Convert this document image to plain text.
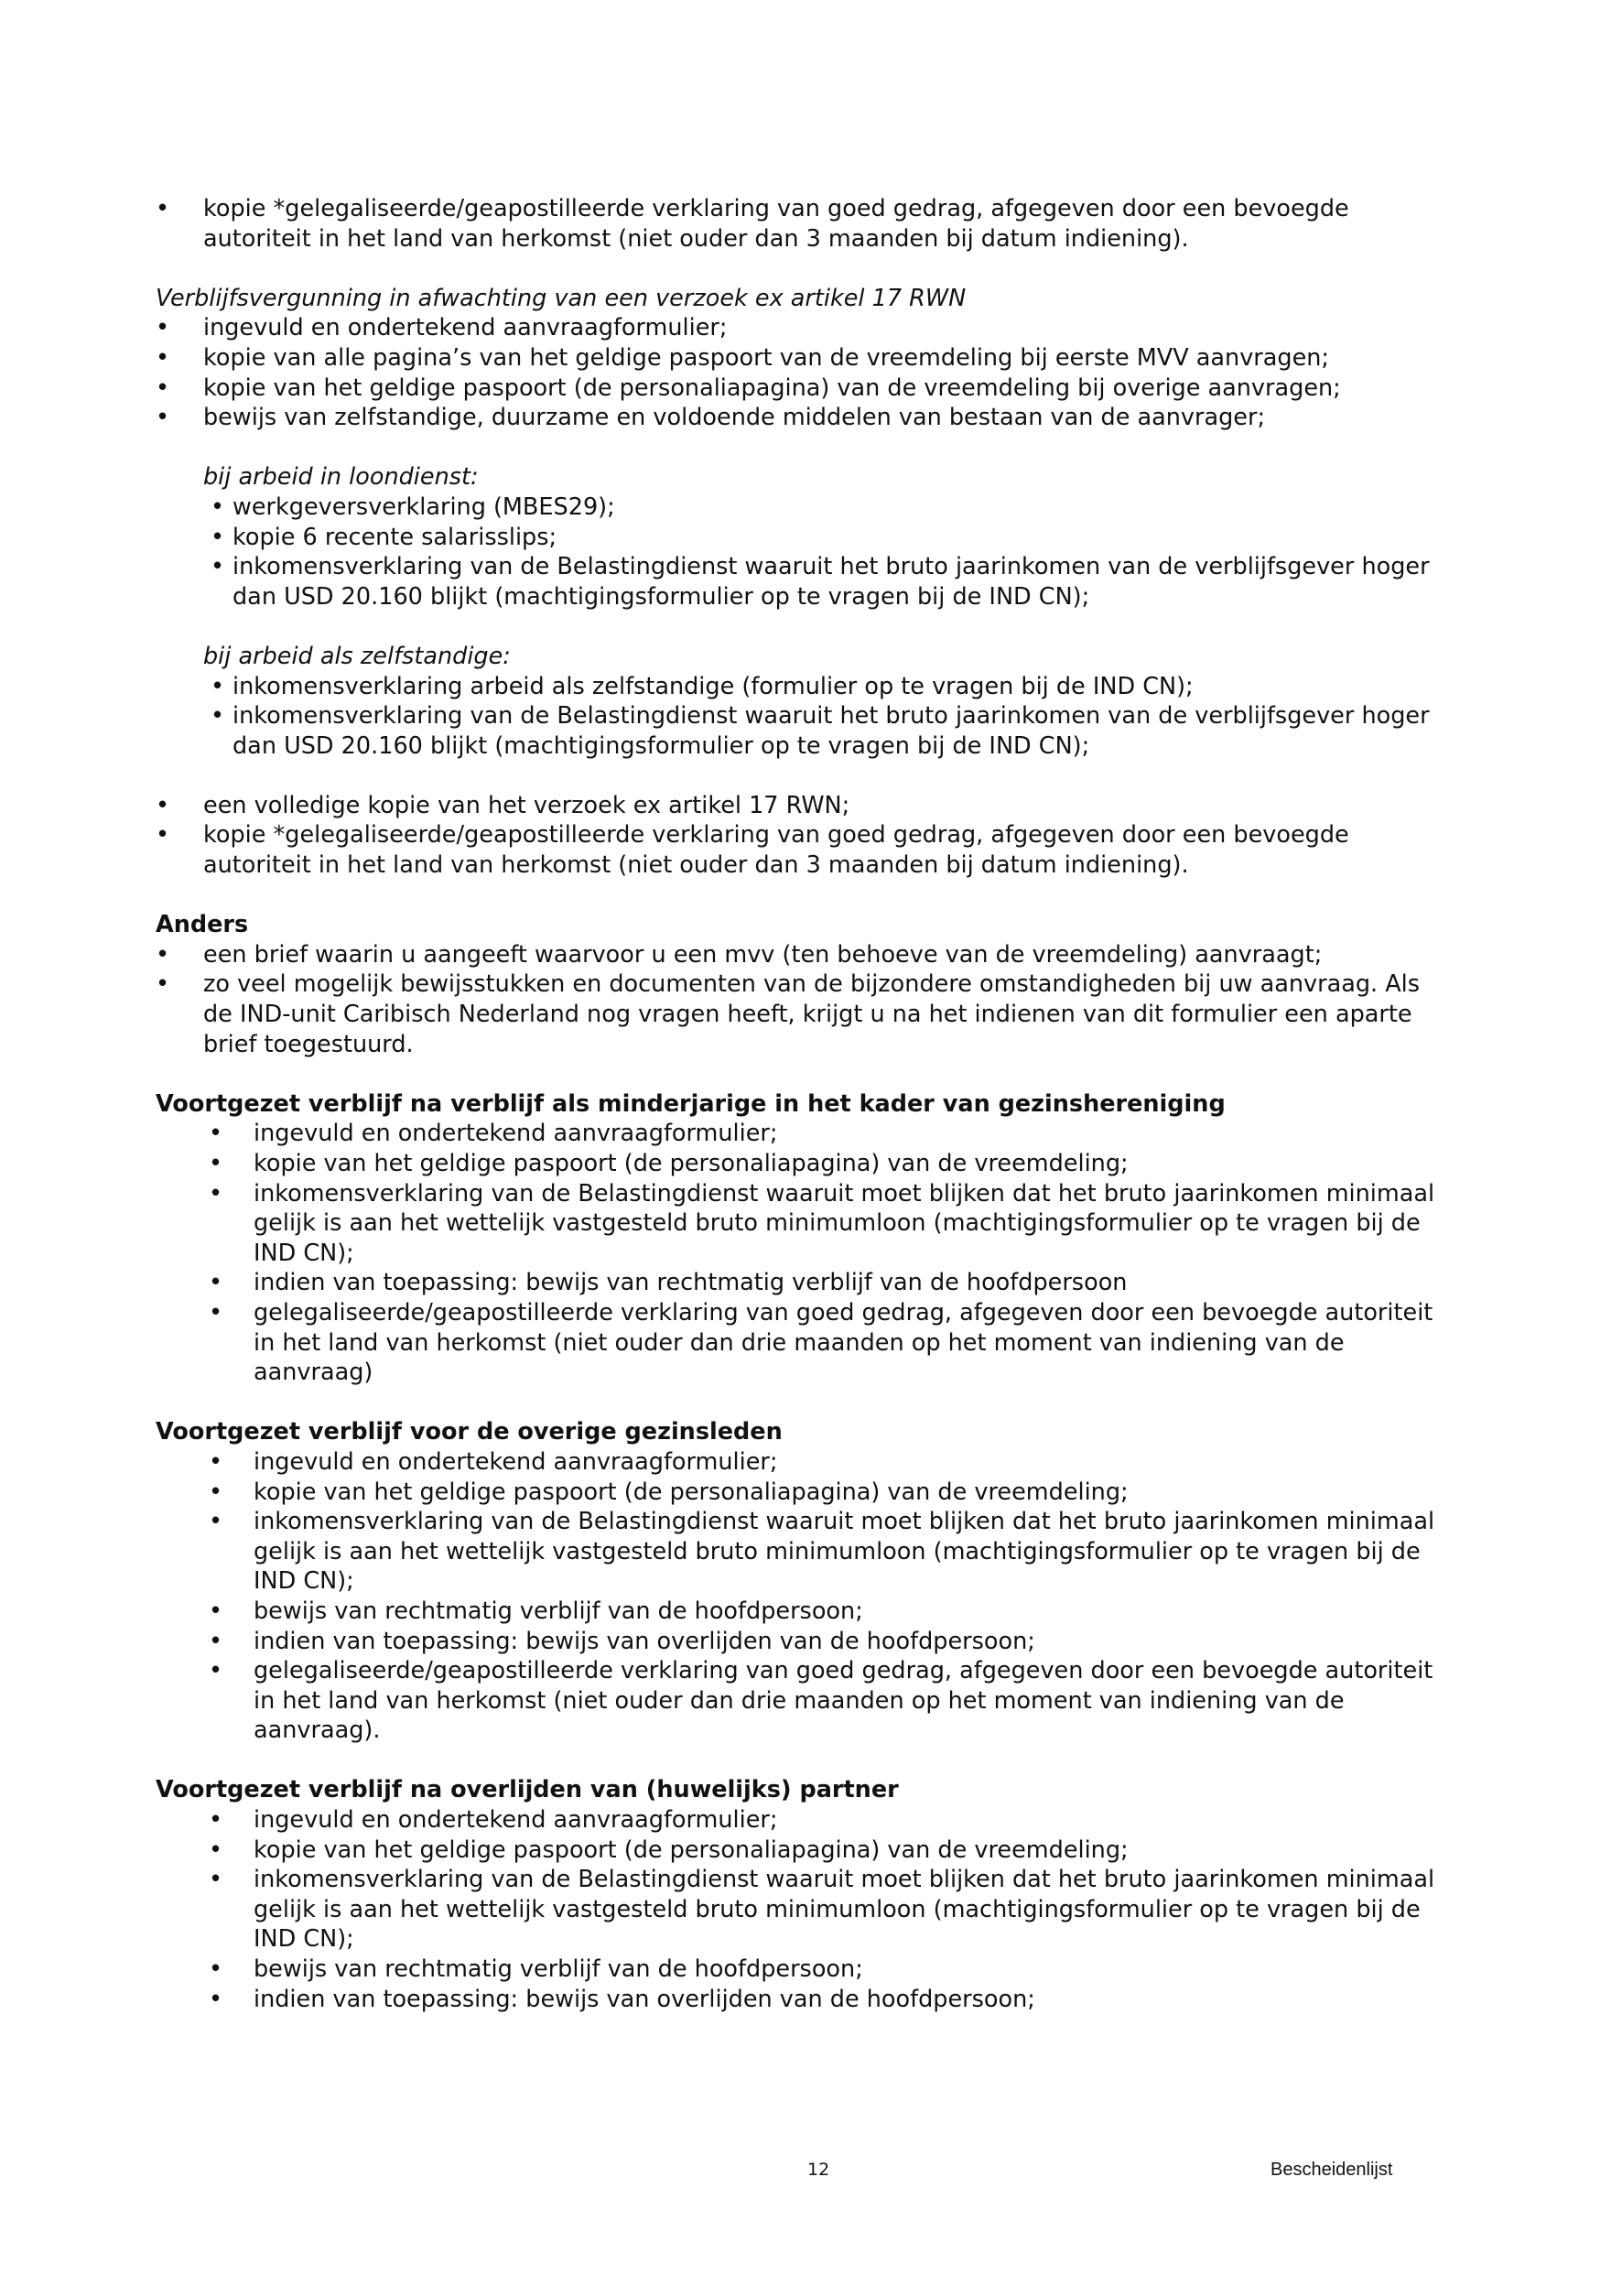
• kopie *gelegaliseerde/geapostilleerde verklaring van goed gedrag, afgegeven door een bevoegde autoriteit in het land van herkomst (niet ouder dan 3 maanden bij datum indiening).
Verblijfsvergunning in afwachting van een verzoek ex artikel 17 RWN
• ingevuld en ondertekend aanvraagformulier;
• kopie van alle pagina’s van het geldige paspoort van de vreemdeling bij eerste MVV aanvragen;
• kopie van het geldige paspoort (de personaliapagina) van de vreemdeling bij overige aanvragen;
• bewijs van zelfstandige, duurzame en voldoende middelen van bestaan van de aanvrager;
bij arbeid in loondienst:
• werkgeversverklaring (MBES29);
• kopie 6 recente salarisslips;
• inkomensverklaring van de Belastingdienst waaruit het bruto jaarinkomen van de verblijfsgever hoger dan USD 20.160 blijkt (machtigingsformulier op te vragen bij de IND CN);
bij arbeid als zelfstandige:
• inkomensverklaring arbeid als zelfstandige (formulier op te vragen bij de IND CN);
• inkomensverklaring van de Belastingdienst waaruit het bruto jaarinkomen van de verblijfsgever hoger dan USD 20.160 blijkt (machtigingsformulier op te vragen bij de IND CN);
• een volledige kopie van het verzoek ex artikel 17 RWN;
• kopie *gelegaliseerde/geapostilleerde verklaring van goed gedrag, afgegeven door een bevoegde autoriteit in het land van herkomst (niet ouder dan 3 maanden bij datum indiening).
Anders
• een brief waarin u aangeeft waarvoor u een mvv (ten behoeve van de vreemdeling) aanvraagt;
• zo veel mogelijk bewijsstukken en documenten van de bijzondere omstandigheden bij uw aanvraag. Als de IND-unit Caribisch Nederland nog vragen heeft, krijgt u na het indienen van dit formulier een aparte brief toegestuurd.
Voortgezet verblijf na verblijf als minderjarige in het kader van gezinshereniging
• ingevuld en ondertekend aanvraagformulier;
• kopie van het geldige paspoort (de personaliapagina) van de vreemdeling;
• inkomensverklaring van de Belastingdienst waaruit moet blijken dat het bruto jaarinkomen minimaal gelijk is aan het wettelijk vastgesteld bruto minimumloon (machtigingsformulier op te vragen bij de IND CN);
• indien van toepassing: bewijs van rechtmatig verblijf van de hoofdpersoon
• gelegaliseerde/geapostilleerde verklaring van goed gedrag, afgegeven door een bevoegde autoriteit in het land van herkomst (niet ouder dan drie maanden op het moment van indiening van de aanvraag)
Voortgezet verblijf voor de overige gezinsleden
• ingevuld en ondertekend aanvraagformulier;
• kopie van het geldige paspoort (de personaliapagina) van de vreemdeling;
• inkomensverklaring van de Belastingdienst waaruit moet blijken dat het bruto jaarinkomen minimaal gelijk is aan het wettelijk vastgesteld bruto minimumloon (machtigingsformulier op te vragen bij de IND CN);
• bewijs van rechtmatig verblijf van de hoofdpersoon;
• indien van toepassing: bewijs van overlijden van de hoofdpersoon;
• gelegaliseerde/geapostilleerde verklaring van goed gedrag, afgegeven door een bevoegde autoriteit in het land van herkomst (niet ouder dan drie maanden op het moment van indiening van de aanvraag).
Voortgezet verblijf na overlijden van (huwelijks) partner
• ingevuld en ondertekend aanvraagformulier;
• kopie van het geldige paspoort (de personaliapagina) van de vreemdeling;
• inkomensverklaring van de Belastingdienst waaruit moet blijken dat het bruto jaarinkomen minimaal gelijk is aan het wettelijk vastgesteld bruto minimumloon (machtigingsformulier op te vragen bij de IND CN);
• bewijs van rechtmatig verblijf van de hoofdpersoon;
• indien van toepassing: bewijs van overlijden van de hoofdpersoon;
12	Bescheidenlijst
